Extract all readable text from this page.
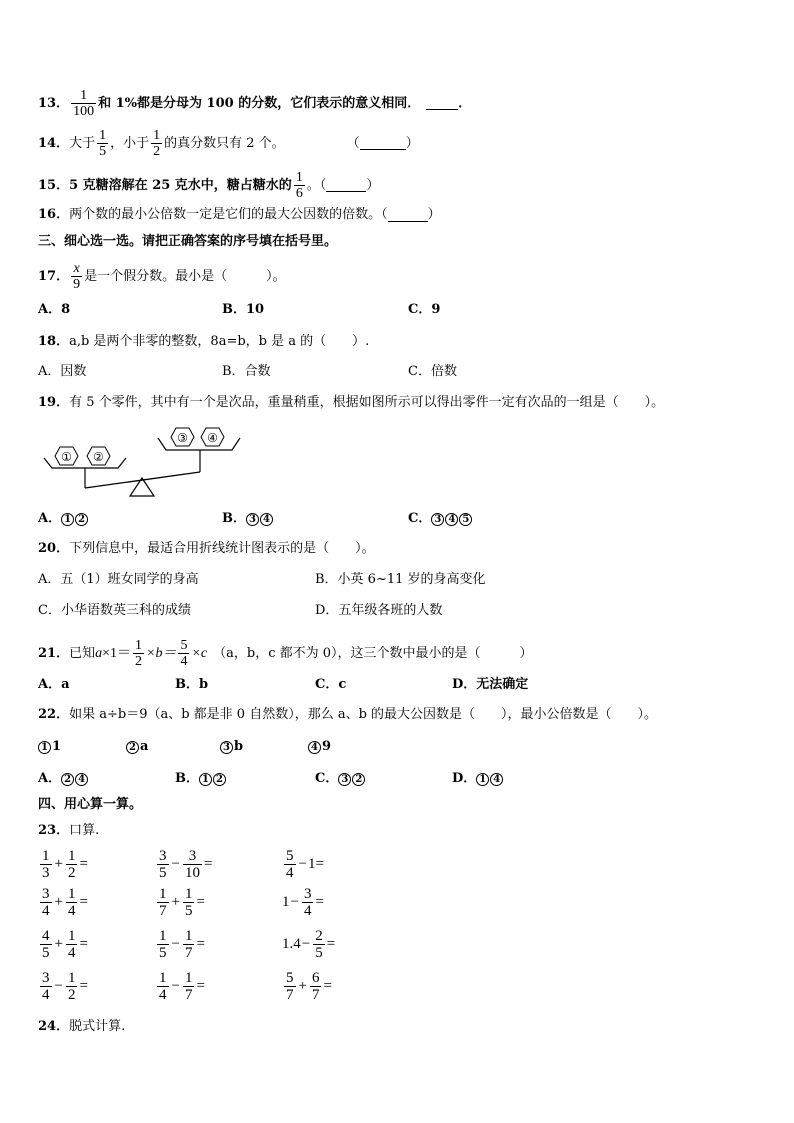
13． $\frac{1}{100}$ 和 1%都是分母为 100 的分数，它们表示的意义相同．	．
14． 大于 $\frac{1}{5}$ ，小于 $\frac{1}{2}$ 的真分数只有 2 个。	（	）
15． 5 克糖溶解在 25 克水中，糖占糖水的 $\frac{1}{6}$ 。（	）
16． 两个数的最小公倍数一定是它们的最大公因数的倍数。（	）
三、细心选一选。请把正确答案的序号填在括号里。
17． $\frac{x}{9}$ 是一个假分数。最小是（　　　）。
A．8	B．10	C．9
18． a,b 是两个非零的整数，8a=b，b 是 a 的（　　）.
A．因数	B．合数	C．倍数
19． 有 5 个零件，其中有一个是次品，重量稍重，根据如图所示可以得出零件一定有次品的一组是（　　）。
① ②
③ ④
A． 1 2	B． 3 4	C． 3 4 5
20． 下列信息中，最适合用折线统计图表示的是（　　）。
A．五（1）班女同学的身高	B．小英 6~11 岁的身高变化
C．小华语数英三科的成绩	D．五年级各班的人数
21． 已知 $a \times 1= \frac{1}{2} \times b= \frac{5}{4} \times c$ （a，b，c 都不为 0），这三个数中最小的是（　　　）
A．a	B．b	C．c	D．无法确定
22． 如果 a÷b＝9（a、b 都是非 0 自然数），那么 a、b 的最大公因数是（　　），最小公倍数是（　　）。
1 1	2 a	3 b	4 9
A． 2 4	B． 1 2	C． 3 2	D． 1 4
四、用心算一算。
23． 口算.
$\frac{1}{3} + \frac{1}{2}$ =	$\frac{3}{5} - \frac{3}{10}$ =	$\frac{5}{4} - 1$ =
$\frac{3}{4} + \frac{1}{4}$ =	$\frac{1}{7} + \frac{1}{5}$ =	$1 - \frac{3}{4}$ =
$\frac{4}{5} + \frac{1}{4}$ =	$\frac{1}{5} - \frac{1}{7}$ =	$1.4 - \frac{2}{5}$ =
$\frac{3}{4} - \frac{1}{2}$ =	$\frac{1}{4} - \frac{1}{7}$ =	$\frac{5}{7} + \frac{6}{7}$ =
24． 脱式计算.
